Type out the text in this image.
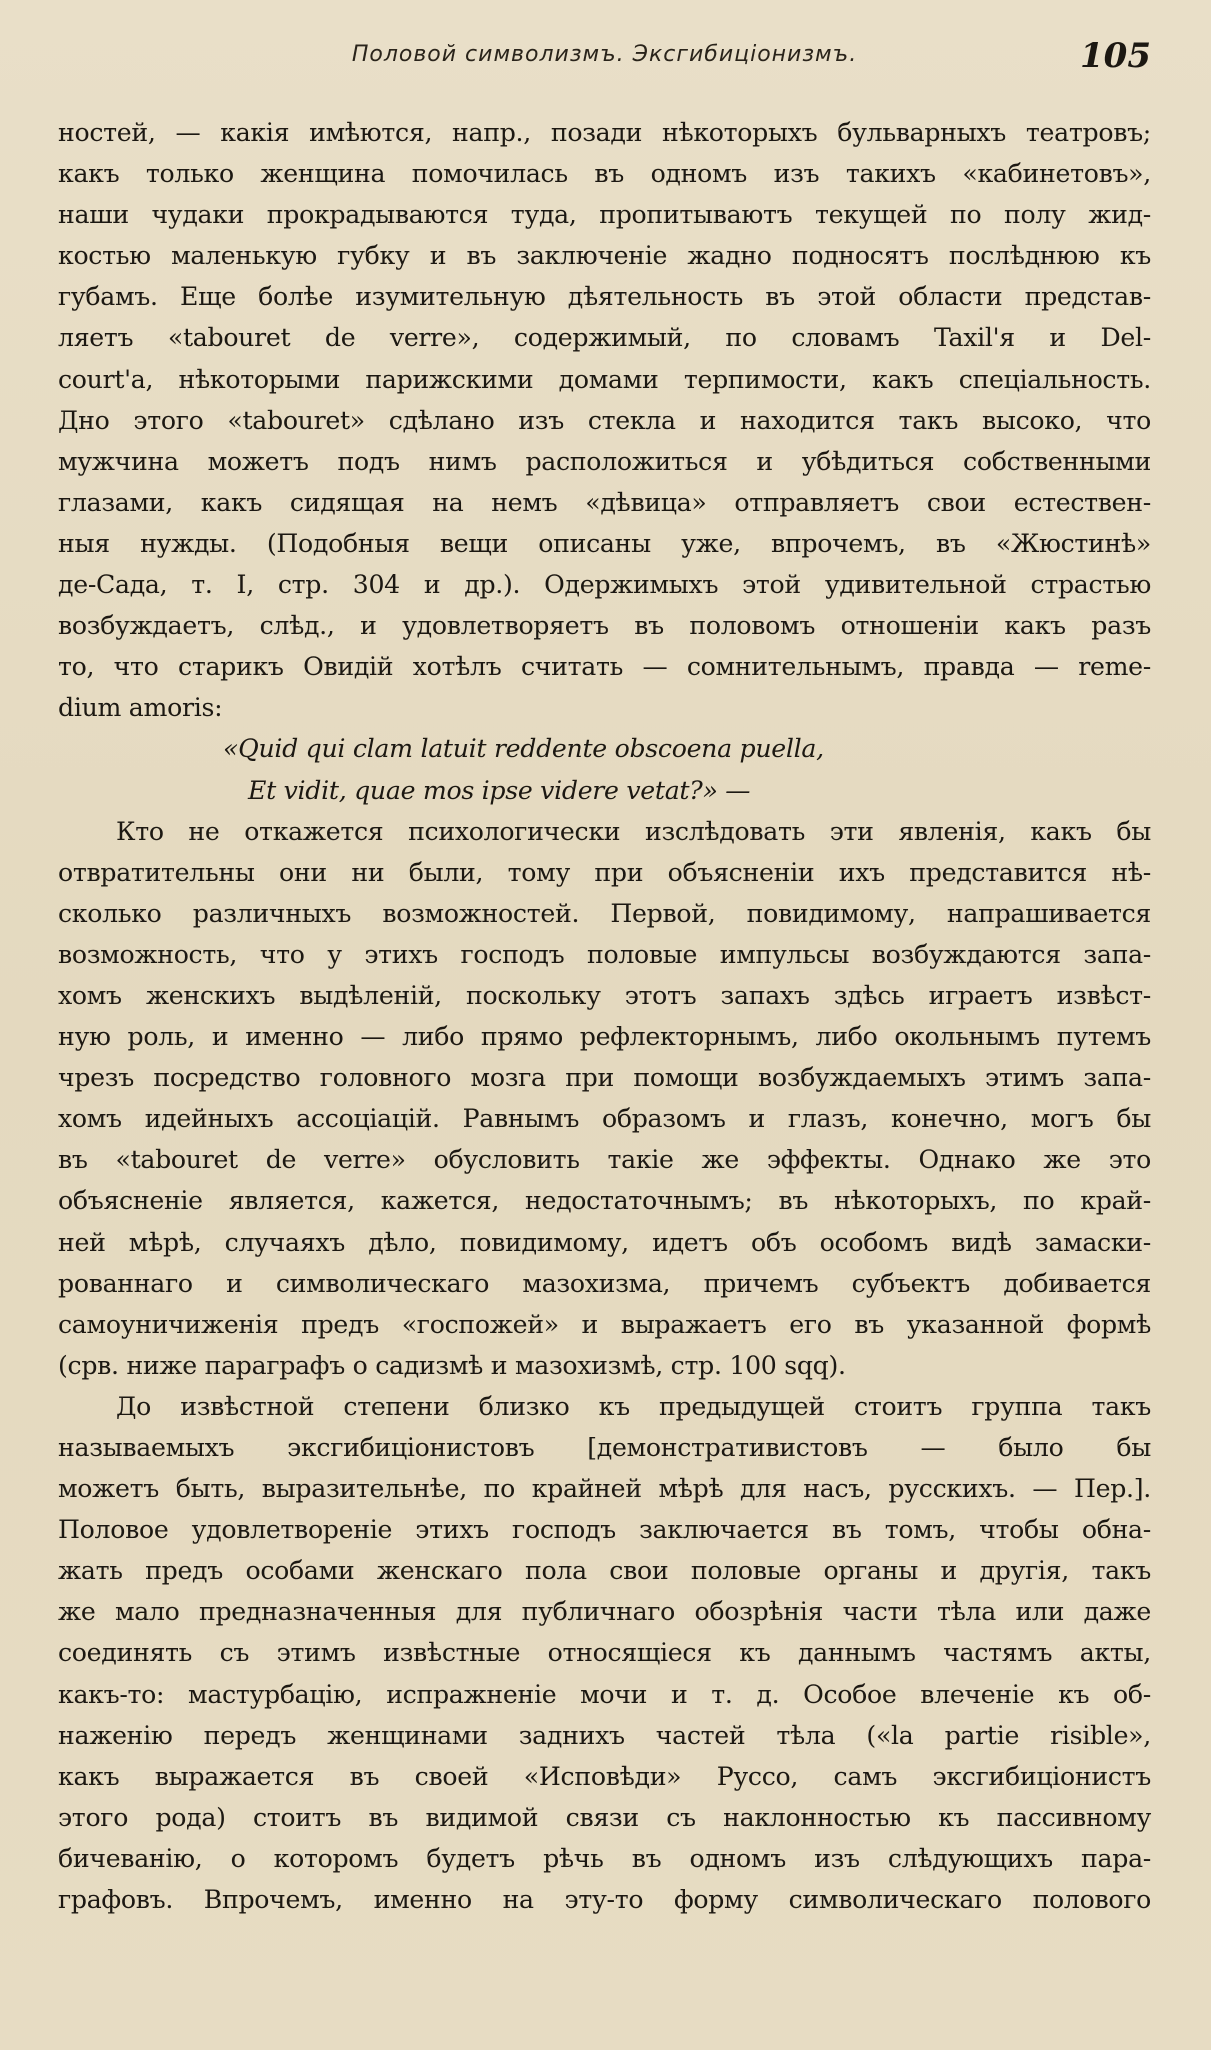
Половой символизмъ. Эксгибиціонизмъ.	105
ностей, — какія имѣются, напр., позади нѣкоторыхъ бульварныхъ театровъ;
какъ только женщина помочилась въ одномъ изъ такихъ «кабинетовъ»,
наши чудаки прокрадываются туда, пропитываютъ текущей по полу жид-
костью маленькую губку и въ заключеніе жадно подносятъ послѣднюю къ
губамъ. Еще болѣе изумительную дѣятельность въ этой области представ-
ляетъ «tabouret de verre», содержимый, по словамъ Taxil'я и Del-
court'а, нѣкоторыми парижскими домами терпимости, какъ спеціальность.
Дно этого «tabouret» сдѣлано изъ стекла и находится такъ высоко, что
мужчина можетъ подъ нимъ расположиться и убѣдиться собственными
глазами, какъ сидящая на немъ «дѣвица» отправляетъ свои естествен-
ныя нужды. (Подобныя вещи описаны уже, впрочемъ, въ «Жюстинѣ»
де-Сада, т. I, стр. 304 и др.). Одержимыхъ этой удивительной страстью
возбуждаетъ, слѣд., и удовлетворяетъ въ половомъ отношеніи какъ разъ
то, что старикъ Овидій хотѣлъ считать — сомнительнымъ, правда — reme-
dium amoris:
«Quid qui clam latuit reddente obscoena puella,
Et vidit, quae mos ipse videre vetat?» —
Кто не откажется психологически изслѣдовать эти явленія, какъ бы
отвратительны они ни были, тому при объясненіи ихъ представится нѣ-
сколько различныхъ возможностей. Первой, повидимому, напрашивается
возможность, что у этихъ господъ половые импульсы возбуждаются запа-
хомъ женскихъ выдѣленій, поскольку этотъ запахъ здѣсь играетъ извѣст-
ную роль, и именно — либо прямо рефлекторнымъ, либо окольнымъ путемъ
чрезъ посредство головного мозга при помощи возбуждаемыхъ этимъ запа-
хомъ идейныхъ ассоціацій. Равнымъ образомъ и глазъ, конечно, могъ бы
въ «tabouret de verre» обусловить такіе же эффекты. Однако же это
объясненіе является, кажется, недостаточнымъ; въ нѣкоторыхъ, по край-
ней мѣрѣ, случаяхъ дѣло, повидимому, идетъ объ особомъ видѣ замаски-
рованнаго и символическаго мазохизма, причемъ субъектъ добивается
самоуничиженія предъ «госпожей» и выражаетъ его въ указанной формѣ
(срв. ниже параграфъ о садизмѣ и мазохизмѣ, стр. 100 sqq).
До извѣстной степени близко къ предыдущей стоитъ группа такъ
называемыхъ эксгибиціонистовъ [демонстративистовъ — было бы
можетъ быть, выразительнѣе, по крайней мѣрѣ для насъ, русскихъ. — Пер.].
Половое удовлетвореніе этихъ господъ заключается въ томъ, чтобы обна-
жать предъ особами женскаго пола свои половые органы и другія, такъ
же мало предназначенныя для публичнаго обозрѣнія части тѣла или даже
соединять съ этимъ извѣстные относящіеся къ даннымъ частямъ акты,
какъ-то: мастурбацію, испражненіе мочи и т. д. Особое влеченіе къ об-
наженію передъ женщинами заднихъ частей тѣла («la partie risible»,
какъ выражается въ своей «Исповѣди» Руссо, самъ эксгибиціонистъ
этого рода) стоитъ въ видимой связи съ наклонностью къ пассивному
бичеванію, о которомъ будетъ рѣчь въ одномъ изъ слѣдующихъ пара-
графовъ. Впрочемъ, именно на эту-то форму символическаго полового
